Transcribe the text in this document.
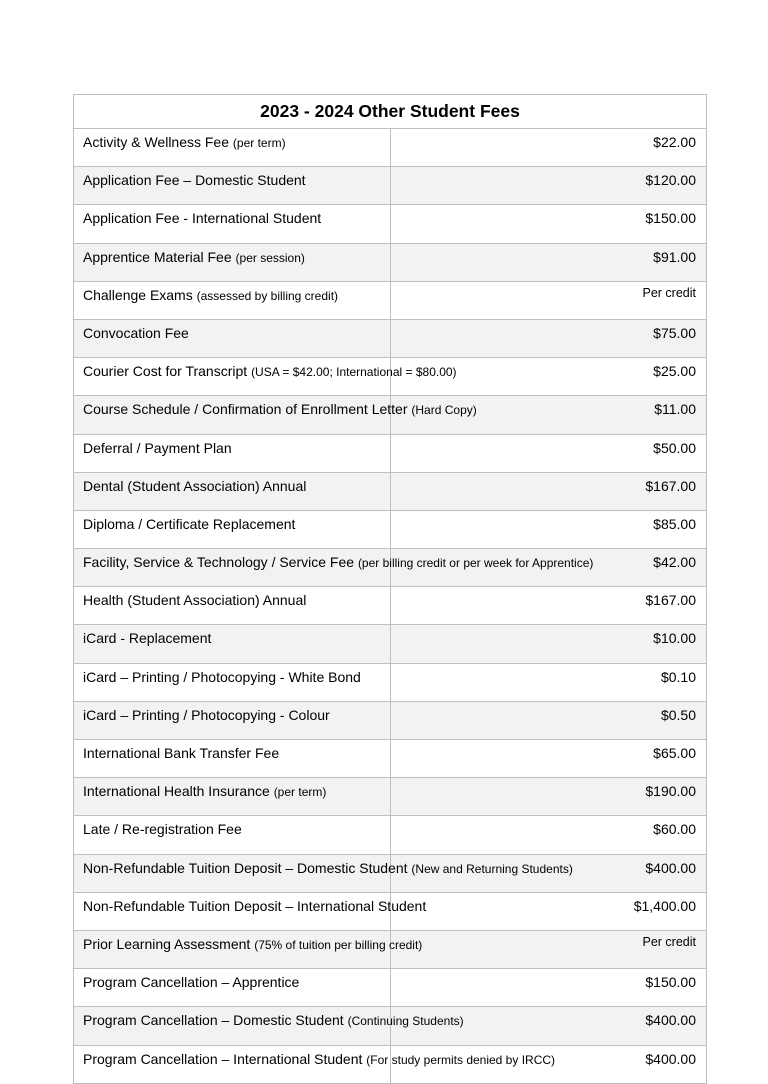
2023 - 2024 Other Student Fees	
Activity & Wellness Fee (per term)	$22.00
Application Fee – Domestic Student	$120.00
Application Fee - International Student	$150.00
Apprentice Material Fee (per session)	$91.00
Challenge Exams (assessed by billing credit)	Per credit
Convocation Fee	$75.00
Courier Cost for Transcript (USA = $42.00; International = $80.00)	$25.00
Course Schedule / Confirmation of Enrollment Letter (Hard Copy)	$11.00
Deferral / Payment Plan	$50.00
Dental (Student Association) Annual	$167.00
Diploma / Certificate Replacement	$85.00
Facility, Service & Technology / Service Fee (per billing credit or per week for Apprentice)	$42.00
Health (Student Association) Annual	$167.00
iCard - Replacement	$10.00
iCard – Printing / Photocopying - White Bond	$0.10
iCard – Printing / Photocopying - Colour	$0.50
International Bank Transfer Fee	$65.00
International Health Insurance (per term)	$190.00
Late / Re-registration Fee	$60.00
Non-Refundable Tuition Deposit – Domestic Student (New and Returning Students)	$400.00
Non-Refundable Tuition Deposit – International Student	$1,400.00
Prior Learning Assessment (75% of tuition per billing credit)	Per credit
Program Cancellation – Apprentice	$150.00
Program Cancellation – Domestic Student (Continuing Students)	$400.00
Program Cancellation – International Student (For study permits denied by IRCC)	$400.00
